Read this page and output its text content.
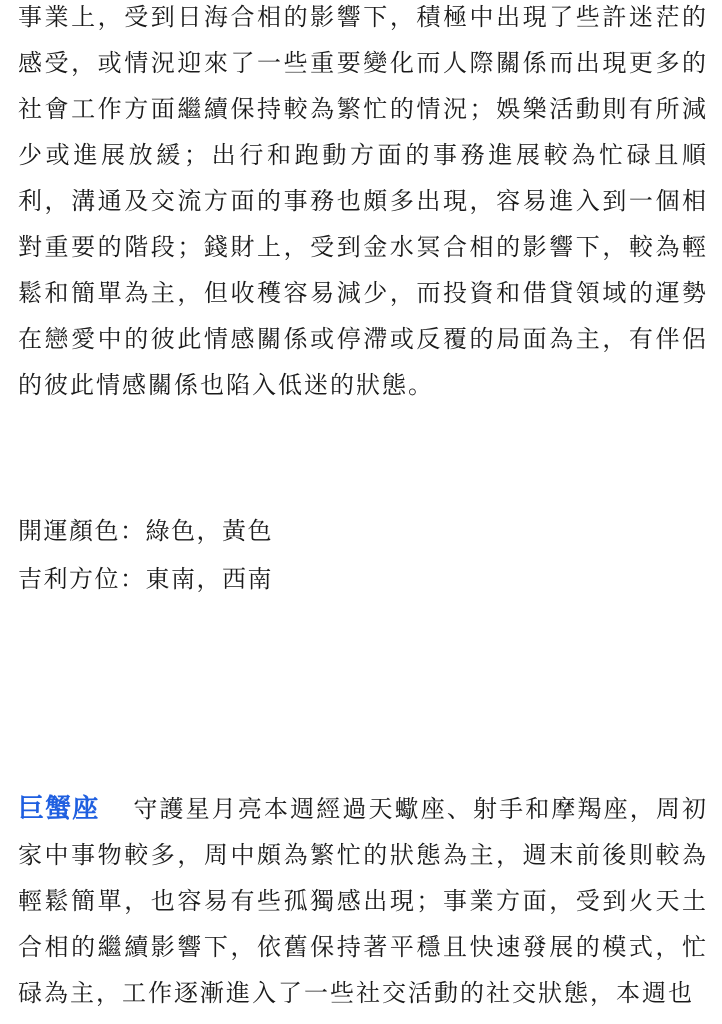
事業上，受到日海合相的影響下，積極中出現了些許迷茫的感受，或情況迎來了一些重要變化而人際關係而出現更多的社會工作方面繼續保持較為繁忙的情況；娛樂活動則有所減少或進展放緩；出行和跑動方面的事務進展較為忙碌且順利，溝通及交流方面的事務也頗多出現，容易進入到一個相對重要的階段；錢財上，受到金水冥合相的影響下，較為輕鬆和簡單為主，但收穫容易減少，而投資和借貸領域的運勢在戀愛中的彼此情感關係或停滯或反覆的局面為主，有伴侶的彼此情感關係也陷入低迷的狀態。

開運顏色：綠色，黃色

吉利方位：東南，西南

巨蟹座 守護星月亮本週經過天蠍座、射手和摩羯座，周初家中事物較多，周中頗為繁忙的狀態為主，週末前後則較為輕鬆簡單，也容易有些孤獨感出現；事業方面，受到火天土合相的繼續影響下，依舊保持著平穩且快速發展的模式，忙碌為主，工作逐漸進入了一些社交活動的社交狀態，本週也
